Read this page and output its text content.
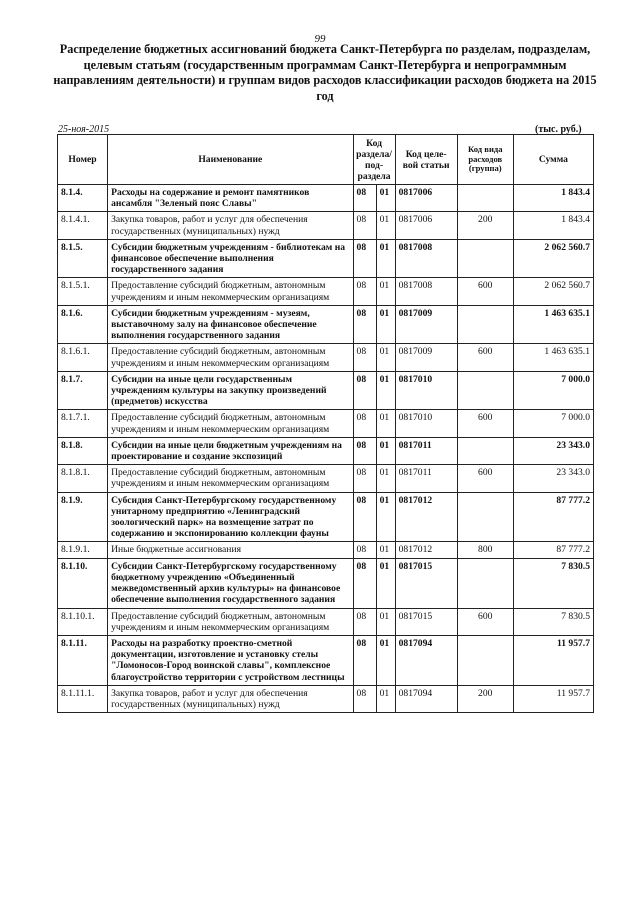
99
Распределение бюджетных ассигнований бюджета Санкт-Петербурга по разделам, подразделам, целевым статьям (государственным программам Санкт-Петербурга и непрограммным направлениям деятельности) и группам видов расходов классификации расходов бюджета на 2015 год
25-ноя-2015	(тыс. руб.)
Номер	Наименование	Код раздела/ под- раздела		Код целе- вой статьи	Код вида расходов (группа)	Сумма
8.1.4.	Расходы на содержание и ремонт памятников ансамбля "Зеленый пояс Славы"	08	01	0817006		1 843.4
8.1.4.1.	Закупка товаров, работ и услуг для обеспечения государственных (муниципальных) нужд	08	01	0817006	200	1 843.4
8.1.5.	Субсидии бюджетным учреждениям - библиотекам на финансовое обеспечение выполнения государственного задания	08	01	0817008		2 062 560.7
8.1.5.1.	Предоставление субсидий бюджетным, автономным учреждениям и иным некоммерческим организациям	08	01	0817008	600	2 062 560.7
8.1.6.	Субсидии бюджетным учреждениям - музеям, выставочному залу на финансовое обеспечение выполнения государственного задания	08	01	0817009		1 463 635.1
8.1.6.1.	Предоставление субсидий бюджетным, автономным учреждениям и иным некоммерческим организациям	08	01	0817009	600	1 463 635.1
8.1.7.	Субсидии на иные цели государственным учреждениям культуры на закупку произведений (предметов) искусства	08	01	0817010		7 000.0
8.1.7.1.	Предоставление субсидий бюджетным, автономным учреждениям и иным некоммерческим организациям	08	01	0817010	600	7 000.0
8.1.8.	Субсидии на иные цели бюджетным учреждениям на проектирование и создание экспозиций	08	01	0817011		23 343.0
8.1.8.1.	Предоставление субсидий бюджетным, автономным учреждениям и иным некоммерческим организациям	08	01	0817011	600	23 343.0
8.1.9.	Субсидия Санкт-Петербургскому государственному унитарному предприятию «Ленинградский зоологический парк» на возмещение затрат по содержанию и экспонированию коллекции фауны	08	01	0817012		87 777.2
8.1.9.1.	Иные бюджетные ассигнования	08	01	0817012	800	87 777.2
8.1.10.	Субсидии Санкт-Петербургскому государственному бюджетному учреждению «Объединенный межведомственный архив культуры» на финансовое обеспечение выполнения государственного задания	08	01	0817015		7 830.5
8.1.10.1.	Предоставление субсидий бюджетным, автономным учреждениям и иным некоммерческим организациям	08	01	0817015	600	7 830.5
8.1.11.	Расходы на разработку проектно-сметной документации, изготовление и установку стелы "Ломоносов-Город воинской славы", комплексное благоустройство территории с устройством лестницы	08	01	0817094		11 957.7
8.1.11.1.	Закупка товаров, работ и услуг для обеспечения государственных (муниципальных) нужд	08	01	0817094	200	11 957.7
